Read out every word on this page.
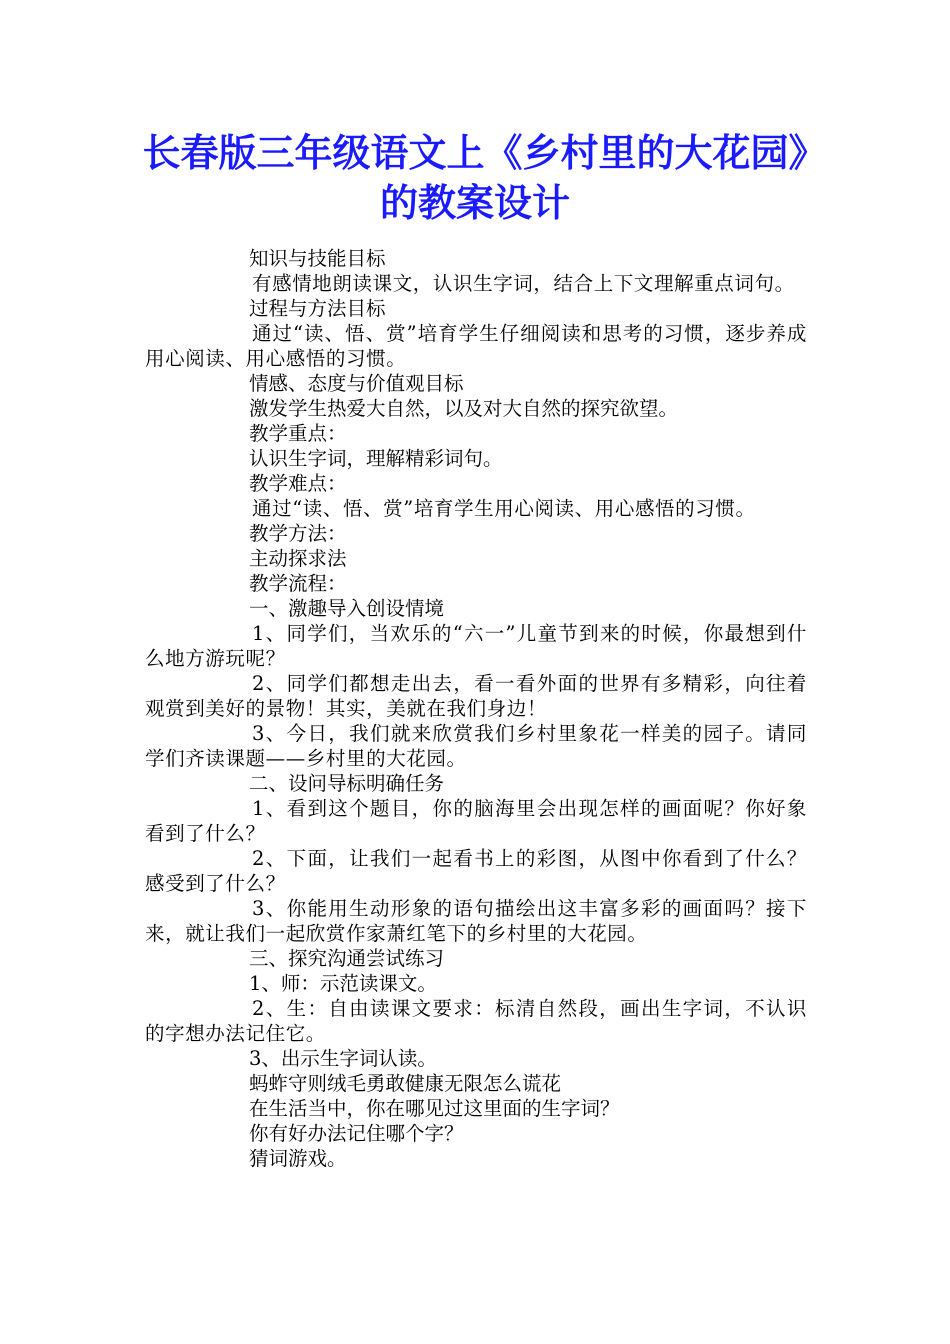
长春版三年级语文上《乡村里的大花园》的教案设计

知识与技能目标

有感情地朗读课文，认识生字词，结合上下文理解重点词句。

过程与方法目标

通过“读、悟、赏”培育学生仔细阅读和思考的习惯，逐步养成用心阅读、用心感悟的习惯。

情感、态度与价值观目标

激发学生热爱大自然，以及对大自然的探究欲望。

教学重点：

认识生字词，理解精彩词句。

教学难点：

通过“读、悟、赏”培育学生用心阅读、用心感悟的习惯。

教学方法：

主动探求法

教学流程：

一、激趣导入创设情境

1、同学们，当欢乐的“六一”儿童节到来的时候，你最想到什么地方游玩呢？

2、同学们都想走出去，看一看外面的世界有多精彩，向往着观赏到美好的景物！其实，美就在我们身边！

3、今日，我们就来欣赏我们乡村里象花一样美的园子。请同学们齐读课题——乡村里的大花园。

二、设问导标明确任务

1、看到这个题目，你的脑海里会出现怎样的画面呢？你好象看到了什么？

2、下面，让我们一起看书上的彩图，从图中你看到了什么？感受到了什么？

3、你能用生动形象的语句描绘出这丰富多彩的画面吗？接下来，就让我们一起欣赏作家萧红笔下的乡村里的大花园。

三、探究沟通尝试练习

1、师：示范读课文。

2、生：自由读课文要求：标清自然段，画出生字词，不认识的字想办法记住它。

3、出示生字词认读。

蚂蚱守则绒毛勇敢健康无限怎么谎花

在生活当中，你在哪见过这里面的生字词？

你有好办法记住哪个字？

猜词游戏。
